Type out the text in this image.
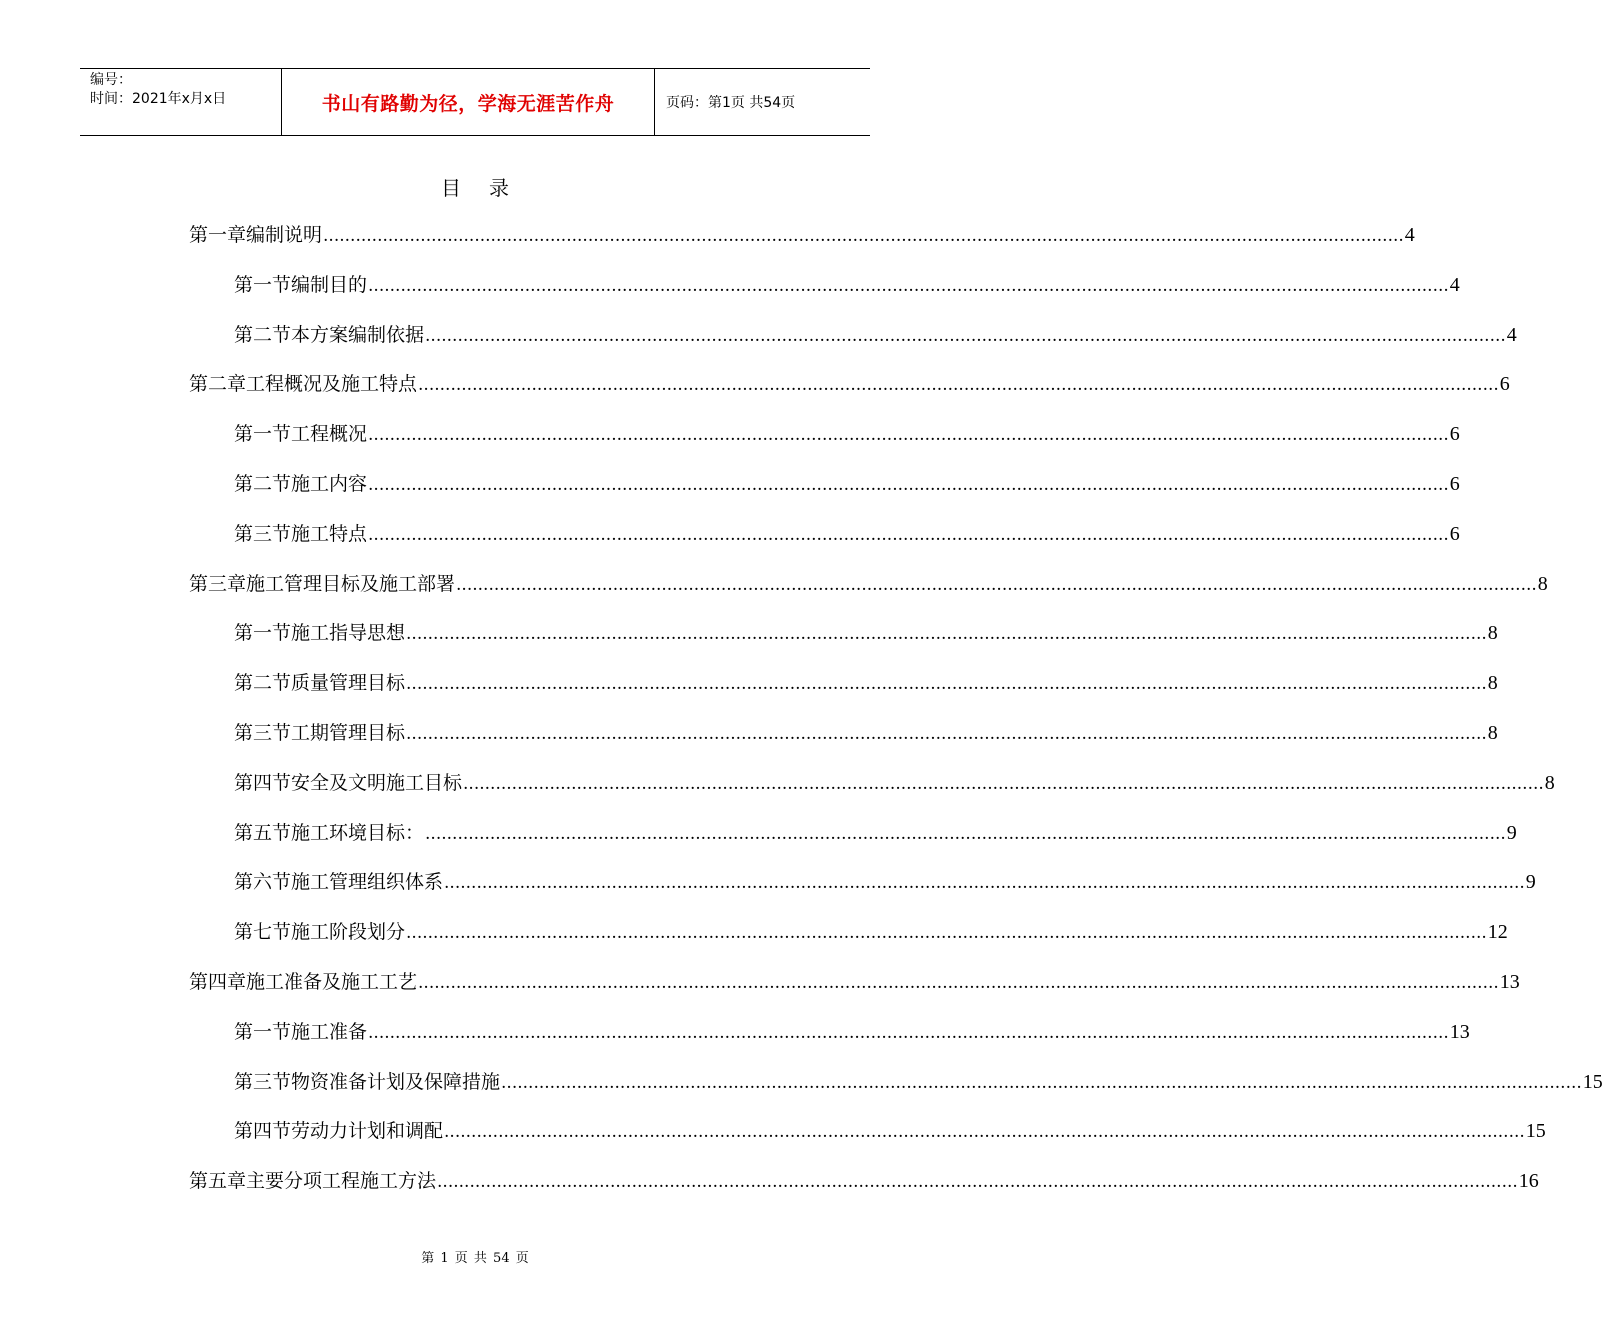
编号：
时间：2021年x月x日	书山有路勤为径，学海无涯苦作舟	页码：第1页 共54页
目录
第一章 编制说明 ........................................................................................................................................................................................................ 4
第一节 编制目的 ........................................................................................................................................................................................................ 4
第二节 本方案编制依据 ........................................................................................................................................................................................................ 4
第二章 工程概况及施工特点 ........................................................................................................................................................................................................ 6
第一节 工程概况 ........................................................................................................................................................................................................ 6
第二节 施工内容 ........................................................................................................................................................................................................ 6
第三节 施工特点 ........................................................................................................................................................................................................ 6
第三章 施工管理目标及施工部署 ........................................................................................................................................................................................................ 8
第一节 施工指导思想 ........................................................................................................................................................................................................ 8
第二节 质量管理目标 ........................................................................................................................................................................................................ 8
第三节 工期管理目标 ........................................................................................................................................................................................................ 8
第四节 安全及文明施工目标 ........................................................................................................................................................................................................ 8
第五节 施工环境目标： ........................................................................................................................................................................................................ 9
第六节 施工管理组织体系 ........................................................................................................................................................................................................ 9
第七节 施工阶段划分 ........................................................................................................................................................................................................ 12
第四章 施工准备及施工工艺 ........................................................................................................................................................................................................ 13
第一节 施工准备 ........................................................................................................................................................................................................ 13
第三节 物资准备计划及保障措施 ........................................................................................................................................................................................................ 15
第四节 劳动力计划和调配 ........................................................................................................................................................................................................ 15
第五章 主要分项工程施工方法 ........................................................................................................................................................................................................ 16
第 1 页 共 54 页
